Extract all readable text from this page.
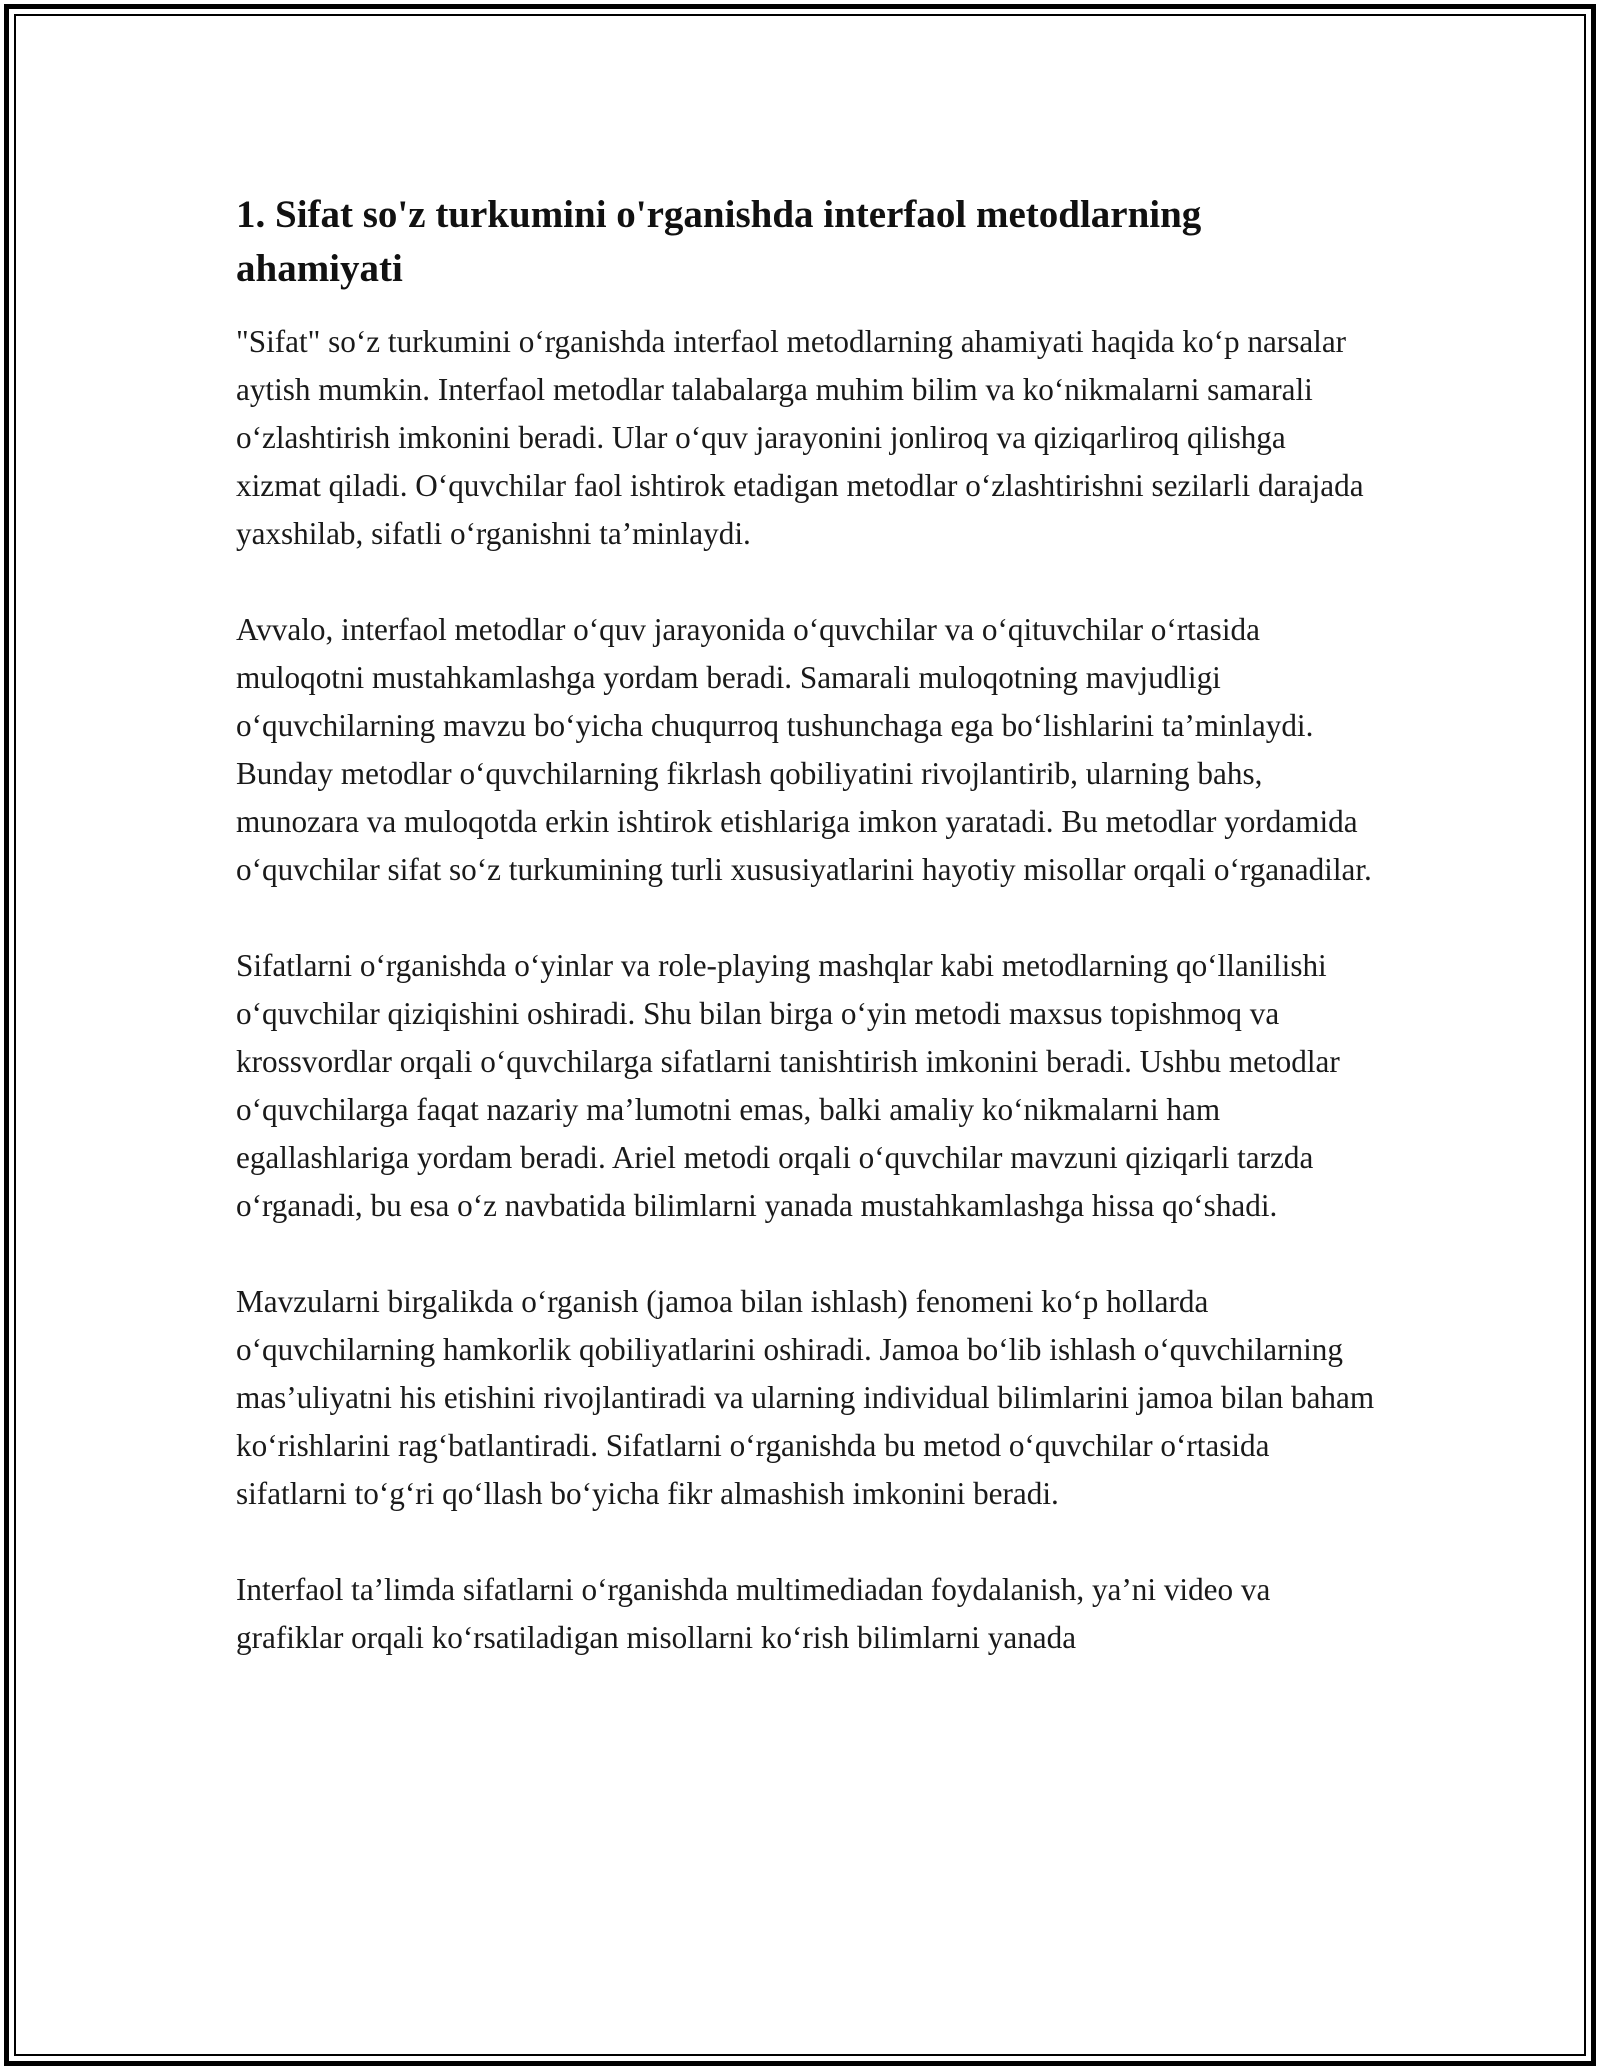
1. Sifat so'z turkumini o'rganishda interfaol metodlarning ahamiyati

"Sifat" soʻz turkumini oʻrganishda interfaol metodlarning ahamiyati haqida koʻp narsalar aytish mumkin. Interfaol metodlar talabalarga muhim bilim va koʻnikmalarni samarali oʻzlashtirish imkonini beradi. Ular oʻquv jarayonini jonliroq va qiziqarliroq qilishga xizmat qiladi. Oʻquvchilar faol ishtirok etadigan metodlar oʻzlashtirishni sezilarli darajada yaxshilab, sifatli oʻrganishni taʼminlaydi.

Avvalo, interfaol metodlar oʻquv jarayonida oʻquvchilar va oʻqituvchilar oʻrtasida muloqotni mustahkamlashga yordam beradi. Samarali muloqotning mavjudligi oʻquvchilarning mavzu boʻyicha chuqurroq tushunchaga ega boʻlishlarini taʼminlaydi. Bunday metodlar oʻquvchilarning fikrlash qobiliyatini rivojlantirib, ularning bahs, munozara va muloqotda erkin ishtirok etishlariga imkon yaratadi. Bu metodlar yordamida oʻquvchilar sifat soʻz turkumining turli xususiyatlarini hayotiy misollar orqali oʻrganadilar.

Sifatlarni oʻrganishda oʻyinlar va role-playing mashqlar kabi metodlarning qoʻllanilishi oʻquvchilar qiziqishini oshiradi. Shu bilan birga oʻyin metodi maxsus topishmoq va krossvordlar orqali oʻquvchilarga sifatlarni tanishtirish imkonini beradi. Ushbu metodlar oʻquvchilarga faqat nazariy maʼlumotni emas, balki amaliy koʻnikmalarni ham egallashlariga yordam beradi. Ariel metodi orqali oʻquvchilar mavzuni qiziqarli tarzda oʻrganadi, bu esa oʻz navbatida bilimlarni yanada mustahkamlashga hissa qoʻshadi.

Mavzularni birgalikda oʻrganish (jamoa bilan ishlash) fenomeni koʻp hollarda oʻquvchilarning hamkorlik qobiliyatlarini oshiradi. Jamoa boʻlib ishlash oʻquvchilarning masʼuliyatni his etishini rivojlantiradi va ularning individual bilimlarini jamoa bilan baham koʻrishlarini ragʻbatlantiradi. Sifatlarni oʻrganishda bu metod oʻquvchilar oʻrtasida sifatlarni toʻgʻri qoʻllash boʻyicha fikr almashish imkonini beradi.

Interfaol taʼlimda sifatlarni oʻrganishda multimediadan foydalanish, yaʼni video va grafiklar orqali koʻrsatiladigan misollarni koʻrish bilimlarni yanada
